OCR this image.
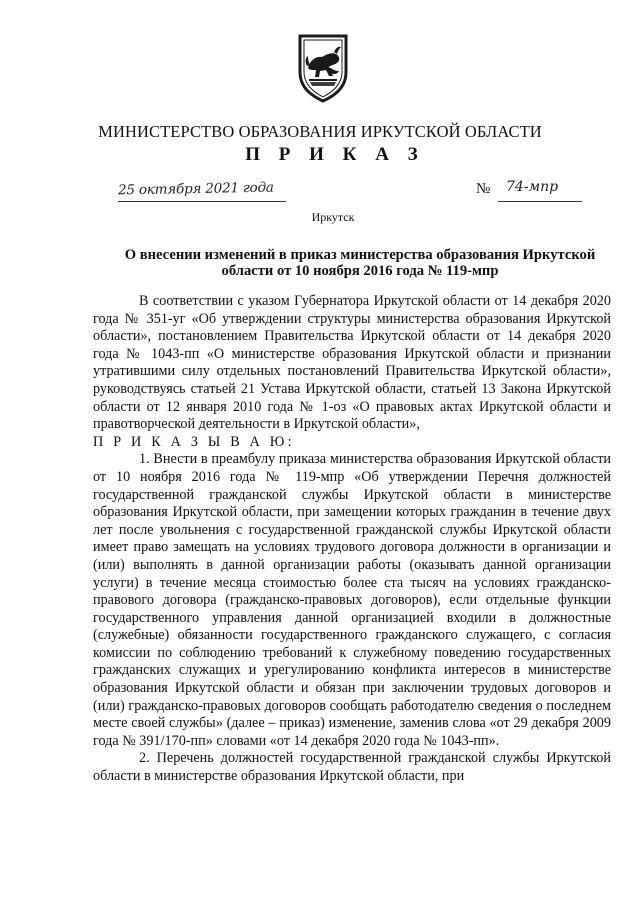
МИНИСТЕРСТВО ОБРАЗОВАНИЯ ИРКУТСКОЙ ОБЛАСТИ
П Р И К А З
25 октября 2021 года	№ 74-мпр
Иркутск
О внесении изменений в приказ министерства образования Иркутской области от 10 ноября 2016 года № 119-мпр

В соответствии с указом Губернатора Иркутской области от 14 декабря 2020 года № 351-уг «Об утверждении структуры министерства образования Иркутской области», постановлением Правительства Иркутской области от 14 декабря 2020 года № 1043-пп «О министерстве образования Иркутской области и признании утратившими силу отдельных постановлений Правительства Иркутской области», руководствуясь статьей 21 Устава Иркутской области, статьей 13 Закона Иркутской области от 12 января 2010 года № 1-оз «О правовых актах Иркутской области и правотворческой деятельности в Иркутской области»,

П Р И К А З Ы В А Ю:

1. Внести в преамбулу приказа министерства образования Иркутской области от 10 ноября 2016 года № 119-мпр «Об утверждении Перечня должностей государственной гражданской службы Иркутской области в министерстве образования Иркутской области, при замещении которых гражданин в течение двух лет после увольнения с государственной гражданской службы Иркутской области имеет право замещать на условиях трудового договора должности в организации и (или) выполнять в данной организации работы (оказывать данной организации услуги) в течение месяца стоимостью более ста тысяч на условиях гражданско-правового договора (гражданско-правовых договоров), если отдельные функции государственного управления данной организацией входили в должностные (служебные) обязанности государственного гражданского служащего, с согласия комиссии по соблюдению требований к служебному поведению государственных гражданских служащих и урегулированию конфликта интересов в министерстве образования Иркутской области и обязан при заключении трудовых договоров и (или) гражданско-правовых договоров сообщать работодателю сведения о последнем месте своей службы» (далее – приказ) изменение, заменив слова «от 29 декабря 2009 года № 391/170-пп» словами «от 14 декабря 2020 года № 1043-пп».

2. Перечень должностей государственной гражданской службы Иркутской области в министерстве образования Иркутской области, при
